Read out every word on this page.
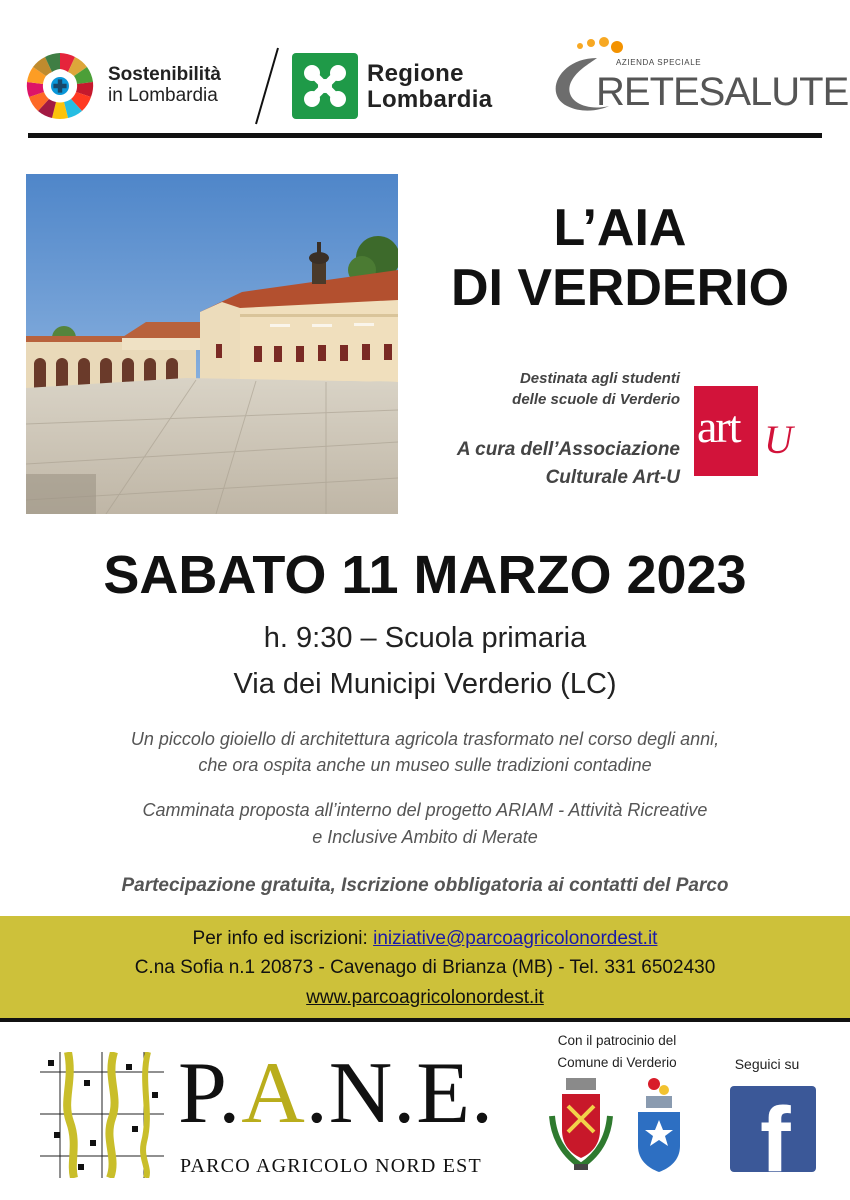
Sostenibilità
in Lombardia
Regione
Lombardia
AZIENDA SPECIALE
RETESALUTE
L’AIA
DI VERDERIO
Destinata agli studenti
delle scuole di Verderio
A cura dell’Associazione
Culturale Art-U
art U
SABATO 11 MARZO 2023
h. 9:30 – Scuola primaria
Via dei Municipi Verderio (LC)
Un piccolo gioiello di architettura agricola trasformato nel corso degli anni,
che ora ospita anche un museo sulle tradizioni contadine
Camminata proposta all’interno del progetto ARIAM - Attività Ricreative
e Inclusive Ambito di Merate
Partecipazione gratuita, Iscrizione obbligatoria ai contatti del Parco
Per info ed iscrizioni: iniziative@parcoagricolonordest.it
C.na Sofia n.1 20873 - Cavenago di Brianza (MB) - Tel. 331 6502430
www.parcoagricolonordest.it
P.A.N.E.
PARCO AGRICOLO NORD EST
Con il patrocinio del
Comune di Verderio	Seguici su
f
